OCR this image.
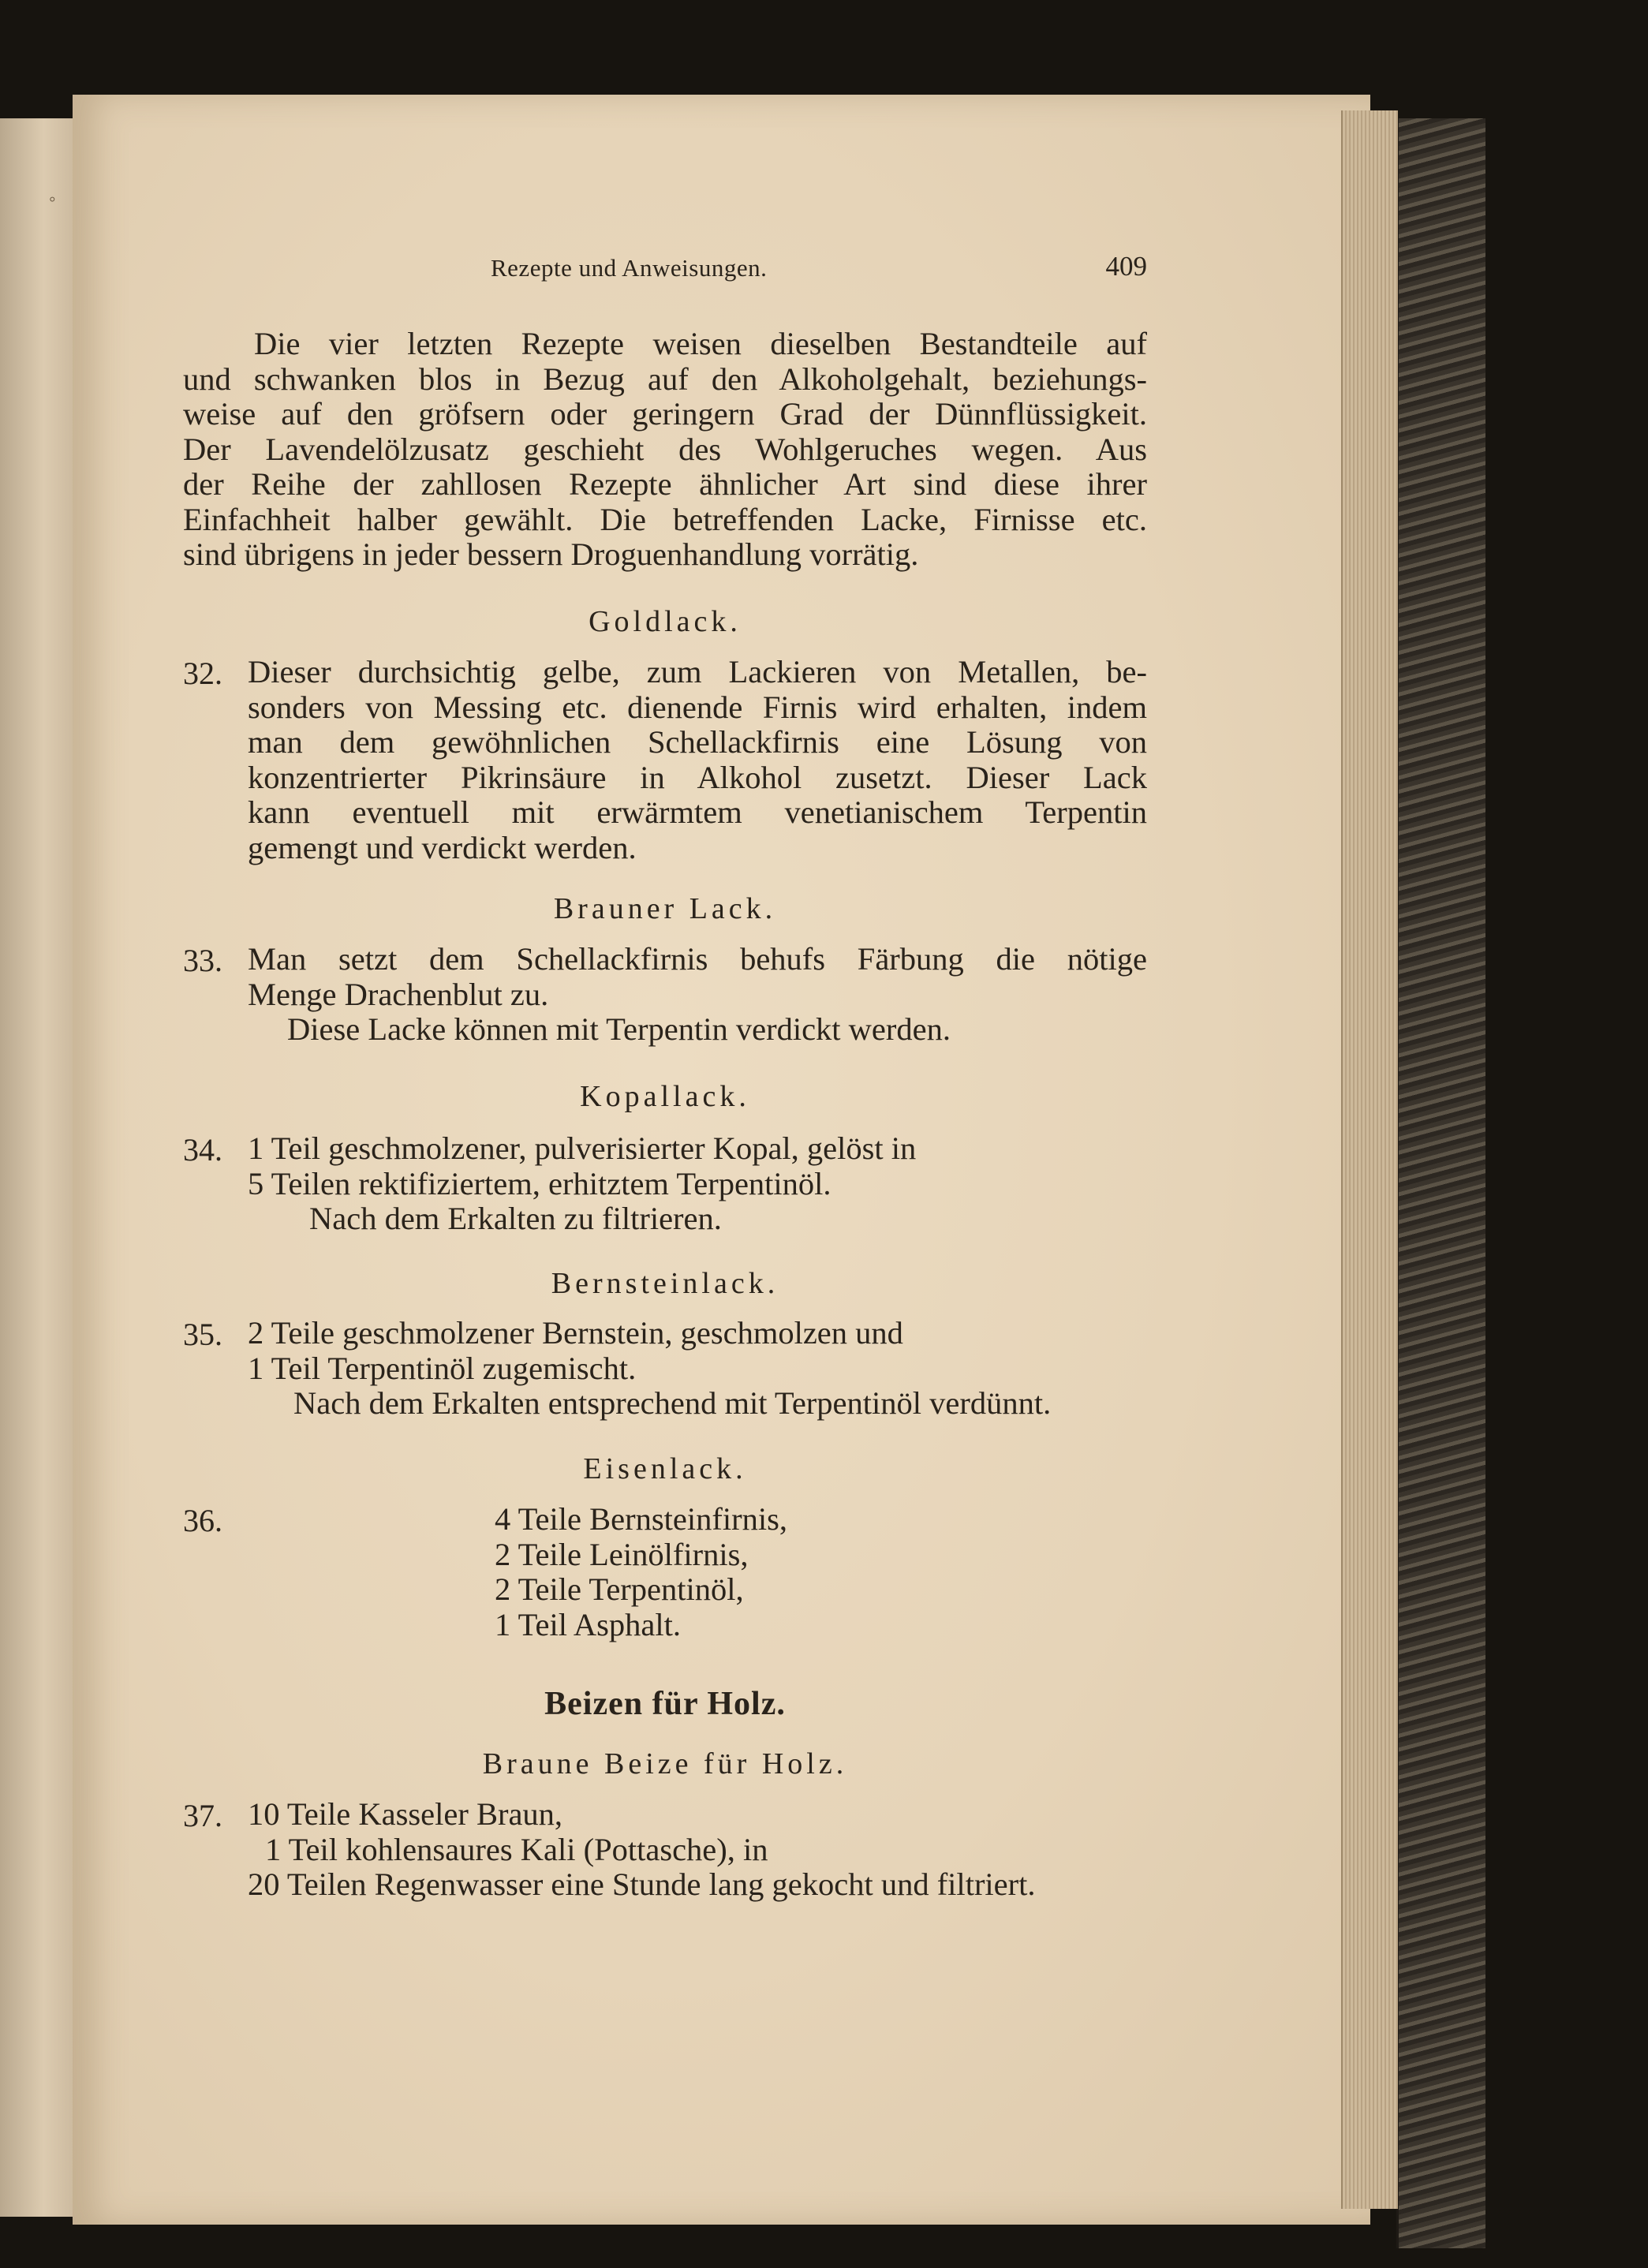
◦
Rezepte und Anweisungen.	409
Die vier letzten Rezepte weisen dieselben Bestandteile auf
und schwanken blos in Bezug auf den Alkoholgehalt, beziehungs-
weise auf den gröfsern oder geringern Grad der Dünnflüssigkeit.
Der Lavendelölzusatz geschieht des Wohlgeruches wegen. Aus
der Reihe der zahllosen Rezepte ähnlicher Art sind diese ihrer
Einfachheit halber gewählt. Die betreffenden Lacke, Firnisse etc.
sind übrigens in jeder bessern Droguenhandlung vorrätig.
Goldlack.
32. Dieser durchsichtig gelbe, zum Lackieren von Metallen, be-
sonders von Messing etc. dienende Firnis wird erhalten, indem
man dem gewöhnlichen Schellackfirnis eine Lösung von
konzentrierter Pikrinsäure in Alkohol zusetzt. Dieser Lack
kann eventuell mit erwärmtem venetianischem Terpentin
gemengt und verdickt werden.
Brauner Lack.
33. Man setzt dem Schellackfirnis behufs Färbung die nötige
Menge Drachenblut zu.
Diese Lacke können mit Terpentin verdickt werden.
Kopallack.
34. 1 Teil geschmolzener, pulverisierter Kopal, gelöst in
5 Teilen rektifiziertem, erhitztem Terpentinöl.
Nach dem Erkalten zu filtrieren.
Bernsteinlack.
35. 2 Teile geschmolzener Bernstein, geschmolzen und
1 Teil Terpentinöl zugemischt.
Nach dem Erkalten entsprechend mit Terpentinöl verdünnt.
Eisenlack.
36.	4 Teile Bernsteinfirnis,
2 Teile Leinölfirnis,
2 Teile Terpentinöl,
1 Teil Asphalt.
Beizen für Holz.
Braune Beize für Holz.
37. 10 Teile Kasseler Braun,
1 Teil kohlensaures Kali (Pottasche), in
20 Teilen Regenwasser eine Stunde lang gekocht und filtriert.
